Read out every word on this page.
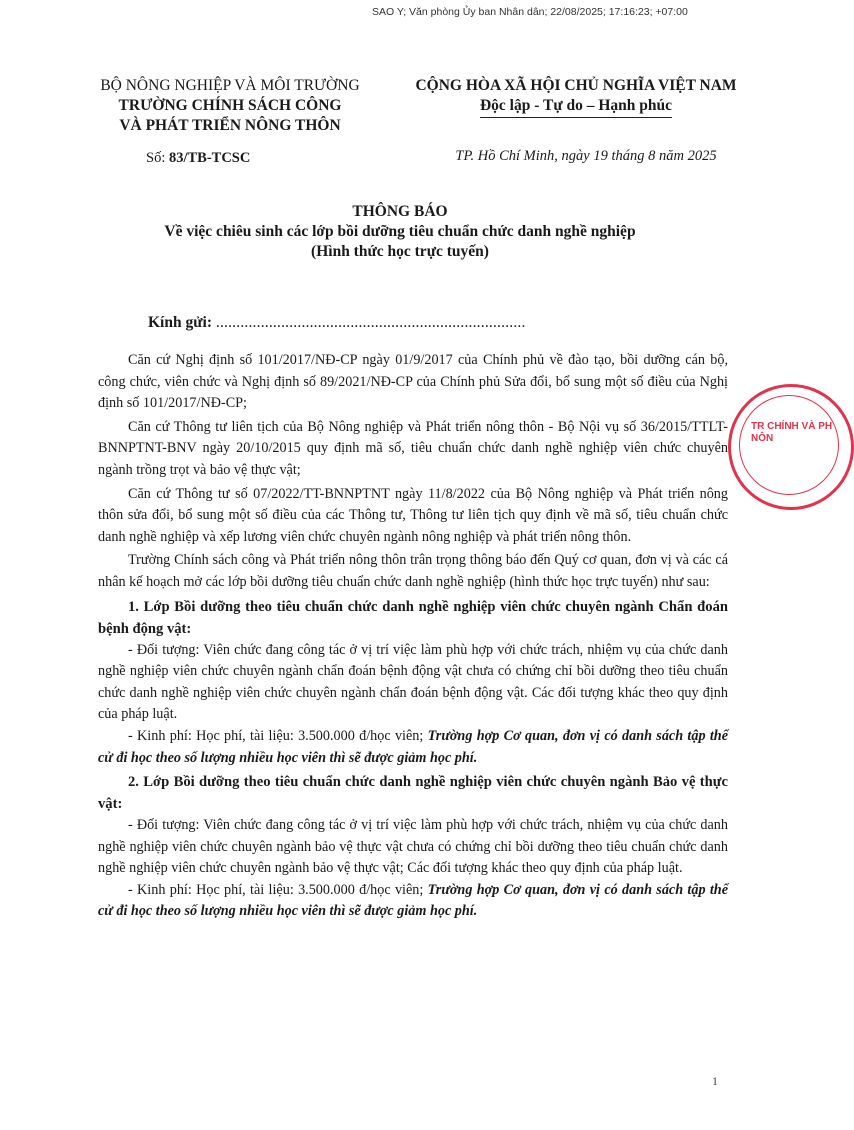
SAO Y; Văn phòng Ủy ban Nhân dân; 22/08/2025; 17:16:23; +07:00
BỘ NÔNG NGHIỆP VÀ MÔI TRƯỜNG
TRƯỜNG CHÍNH SÁCH CÔNG
VÀ PHÁT TRIỂN NÔNG THÔN
CỘNG HÒA XÃ HỘI CHỦ NGHĨA VIỆT NAM
Độc lập - Tự do – Hạnh phúc
Số: 83/TB-TCSC	TP. Hồ Chí Minh, ngày 19 tháng 8 năm 2025
THÔNG BÁO
Về việc chiêu sinh các lớp bồi dưỡng tiêu chuẩn chức danh nghề nghiệp
(Hình thức học trực tuyến)
Kính gửi: ............................................................................

Căn cứ Nghị định số 101/2017/NĐ-CP ngày 01/9/2017 của Chính phủ về đào tạo, bồi dưỡng cán bộ, công chức, viên chức và Nghị định số 89/2021/NĐ-CP của Chính phủ Sửa đổi, bổ sung một số điều của Nghị định số 101/2017/NĐ-CP;

Căn cứ Thông tư liên tịch của Bộ Nông nghiệp và Phát triển nông thôn - Bộ Nội vụ số 36/2015/TTLT-BNNPTNT-BNV ngày 20/10/2015 quy định mã số, tiêu chuẩn chức danh nghề nghiệp viên chức chuyên ngành trồng trọt và bảo vệ thực vật;

Căn cứ Thông tư số 07/2022/TT-BNNPTNT ngày 11/8/2022 của Bộ Nông nghiệp và Phát triển nông thôn sửa đổi, bổ sung một số điều của các Thông tư, Thông tư liên tịch quy định về mã số, tiêu chuẩn chức danh nghề nghiệp và xếp lương viên chức chuyên ngành nông nghiệp và phát triển nông thôn.

Trường Chính sách công và Phát triển nông thôn trân trọng thông báo đến Quý cơ quan, đơn vị và các cá nhân kế hoạch mở các lớp bồi dưỡng tiêu chuẩn chức danh nghề nghiệp (hình thức học trực tuyến) như sau:

1. Lớp Bồi dưỡng theo tiêu chuẩn chức danh nghề nghiệp viên chức chuyên ngành Chẩn đoán bệnh động vật:

- Đối tượng: Viên chức đang công tác ở vị trí việc làm phù hợp với chức trách, nhiệm vụ của chức danh nghề nghiệp viên chức chuyên ngành chẩn đoán bệnh động vật chưa có chứng chỉ bồi dưỡng theo tiêu chuẩn chức danh nghề nghiệp viên chức chuyên ngành chẩn đoán bệnh động vật. Các đối tượng khác theo quy định của pháp luật.

- Kinh phí: Học phí, tài liệu: 3.500.000 đ/học viên; Trường hợp Cơ quan, đơn vị có danh sách tập thể cử đi học theo số lượng nhiều học viên thì sẽ được giảm học phí.

2. Lớp Bồi dưỡng theo tiêu chuẩn chức danh nghề nghiệp viên chức chuyên ngành Bảo vệ thực vật:

- Đối tượng: Viên chức đang công tác ở vị trí việc làm phù hợp với chức trách, nhiệm vụ của chức danh nghề nghiệp viên chức chuyên ngành bảo vệ thực vật chưa có chứng chỉ bồi dưỡng theo tiêu chuẩn chức danh nghề nghiệp viên chức chuyên ngành bảo vệ thực vật; Các đối tượng khác theo quy định của pháp luật.

- Kinh phí: Học phí, tài liệu: 3.500.000 đ/học viên; Trường hợp Cơ quan, đơn vị có danh sách tập thể cử đi học theo số lượng nhiều học viên thì sẽ được giảm học phí.

TR CHÍNH VÀ PH NÔN
1
